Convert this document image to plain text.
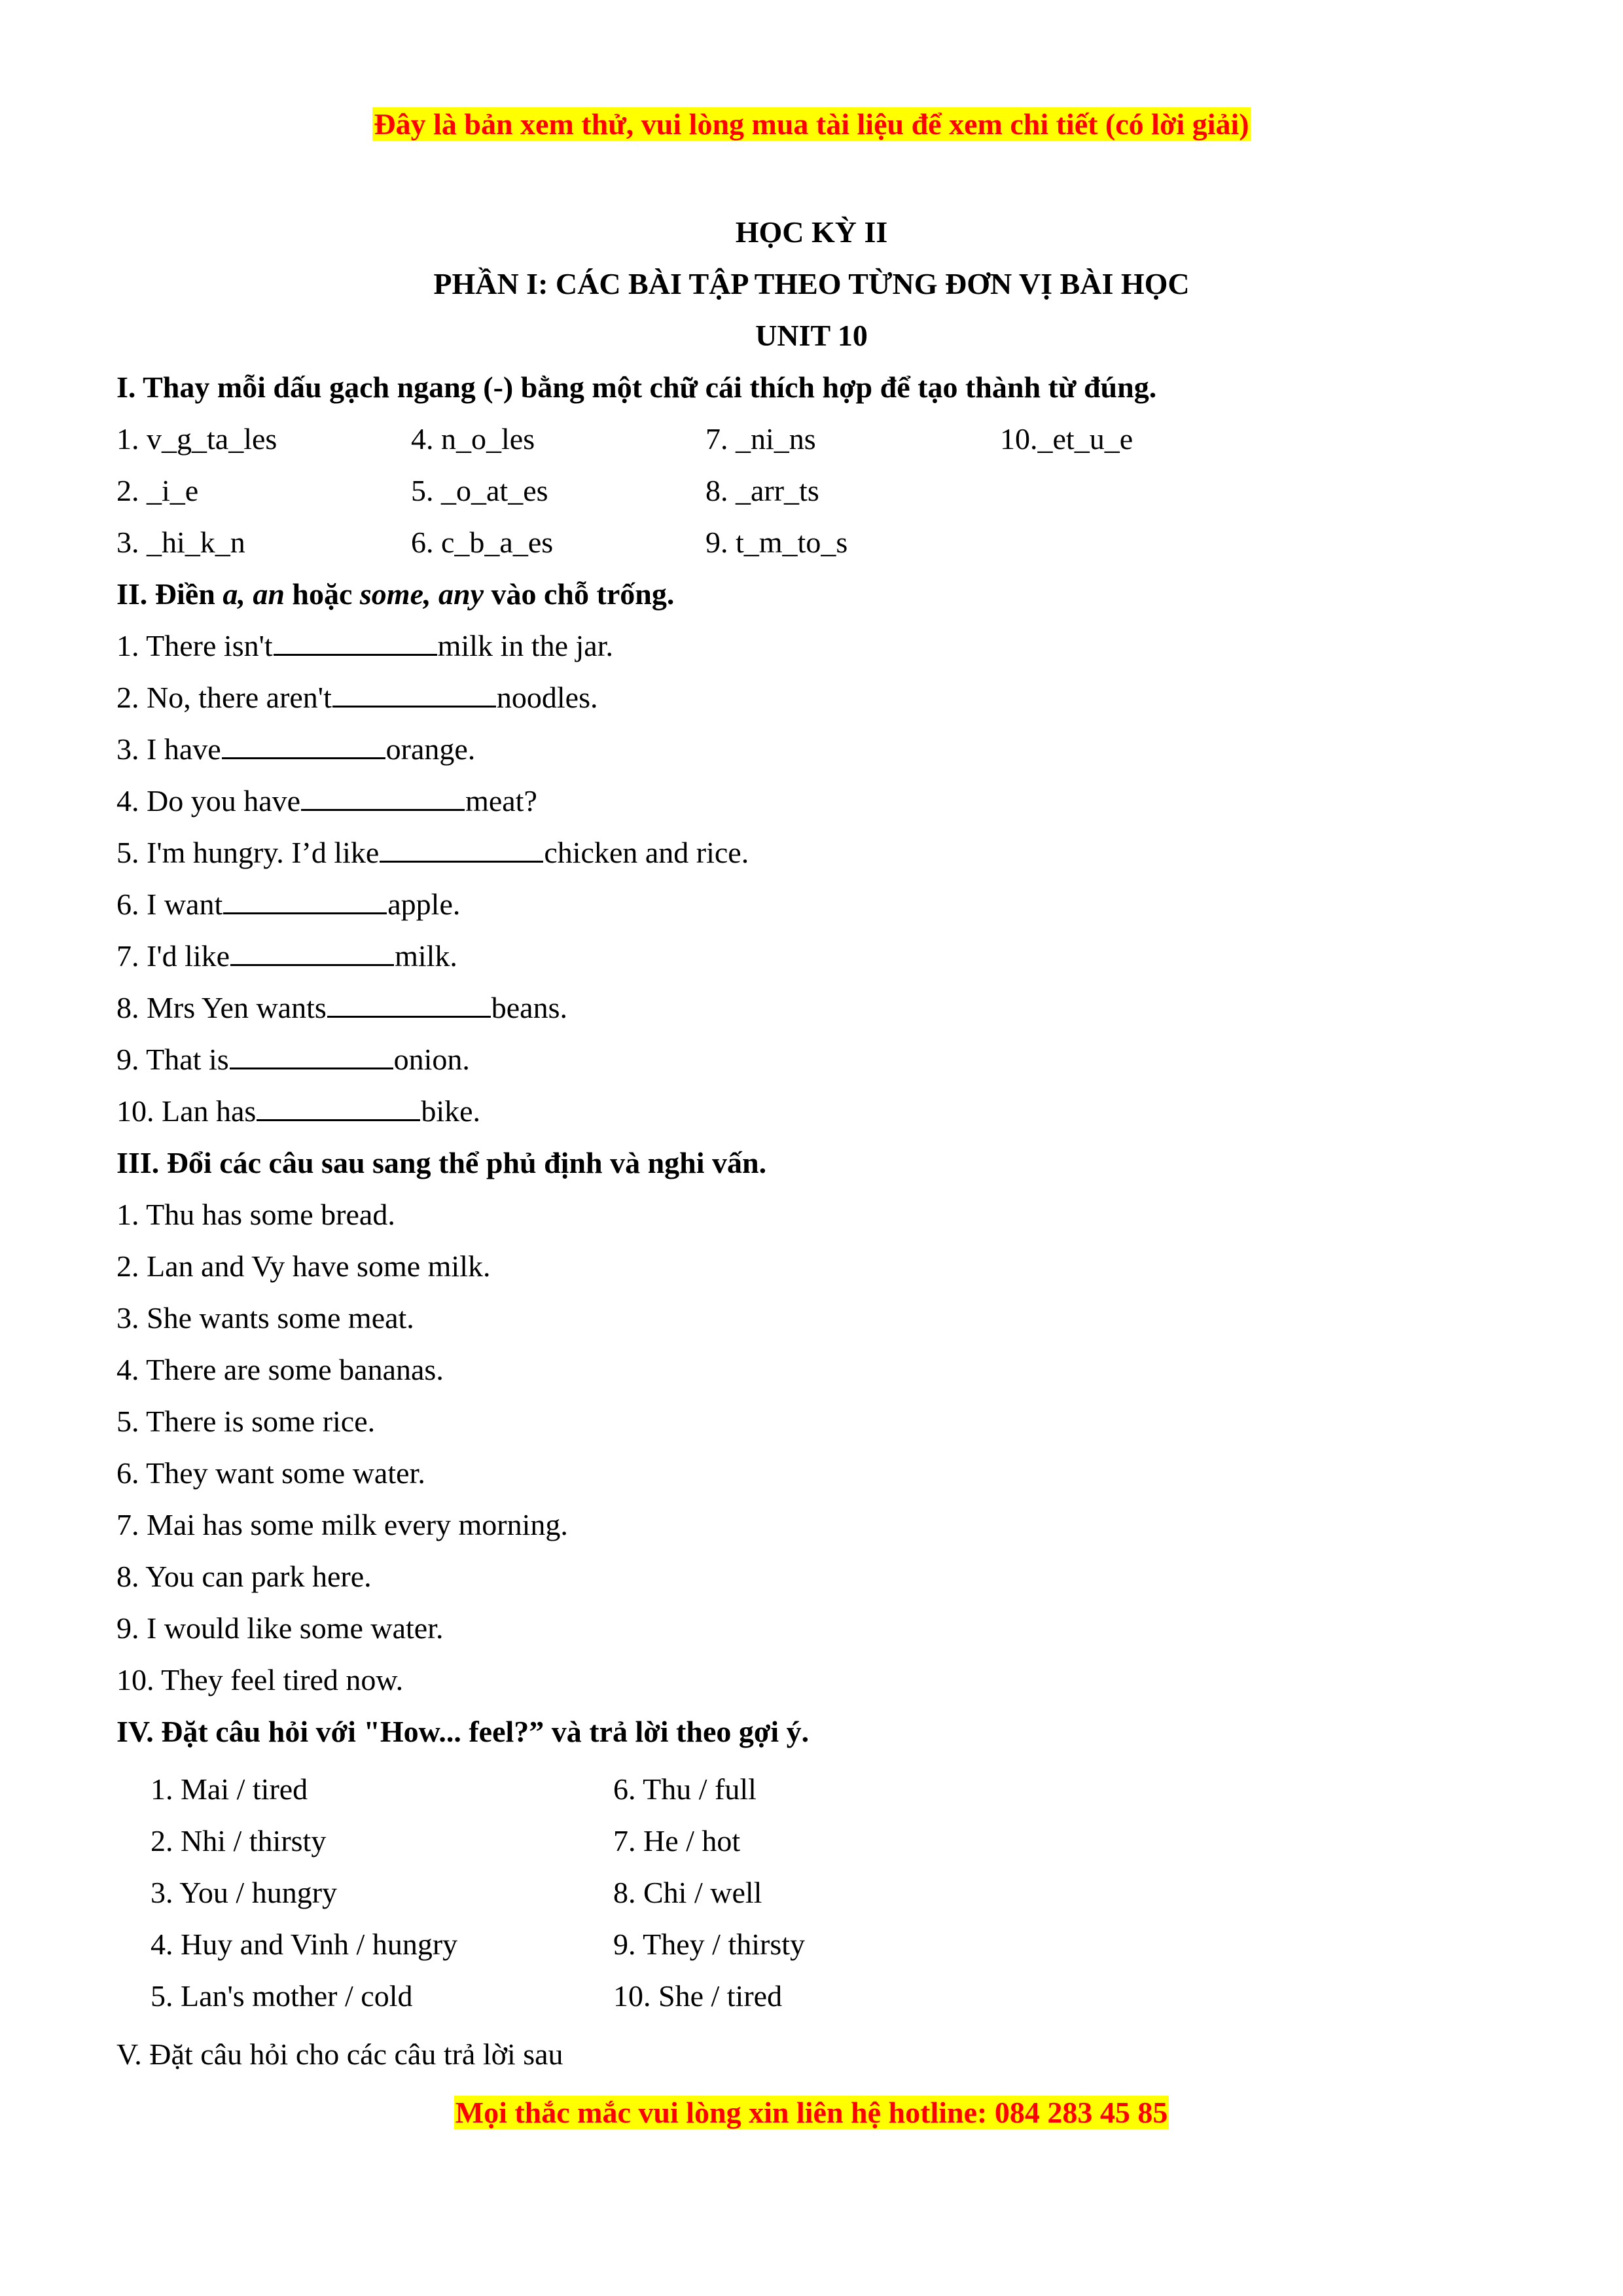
Đây là bản xem thử, vui lòng mua tài liệu để xem chi tiết (có lời giải)
HỌC KỲ II
PHẦN I: CÁC BÀI TẬP THEO TỪNG ĐƠN VỊ BÀI HỌC
UNIT 10
I. Thay mỗi dấu gạch ngang (-) bằng một chữ cái thích hợp để tạo thành từ đúng.
1. v_g_ta_les	4. n_o_les	7. _ni_ns	10._et_u_e
2. _i_e	5. _o_at_es	8. _arr_ts
3. _hi_k_n	6. c_b_a_es	9. t_m_to_s
II. Điền a, an hoặc some, any vào chỗ trống.
1. There isn't	milk in the jar.
2. No, there aren't	noodles.
3. I have	orange.
4. Do you have	meat?
5. I'm hungry. I’d like	chicken and rice.
6. I want	apple.
7. I'd like	milk.
8. Mrs Yen wants	beans.
9. That is	onion.
10. Lan has	bike.
III. Đổi các câu sau sang thể phủ định và nghi vấn.
1. Thu has some bread.
2. Lan and Vy have some milk.
3. She wants some meat.
4. There are some bananas.
5. There is some rice.
6. They want some water.
7. Mai has some milk every morning.
8. You can park here.
9. I would like some water.
10. They feel tired now.
IV. Đặt câu hỏi với "How... feel?” và trả lời theo gợi ý.
1. Mai / tired	6. Thu / full
2. Nhi / thirsty	7. He / hot
3. You / hungry	8. Chi / well
4. Huy and Vinh / hungry	9. They / thirsty
5. Lan's mother / cold	10. She / tired
V. Đặt câu hỏi cho các câu trả lời sau
Mọi thắc mắc vui lòng xin liên hệ hotline: 084 283 45 85
